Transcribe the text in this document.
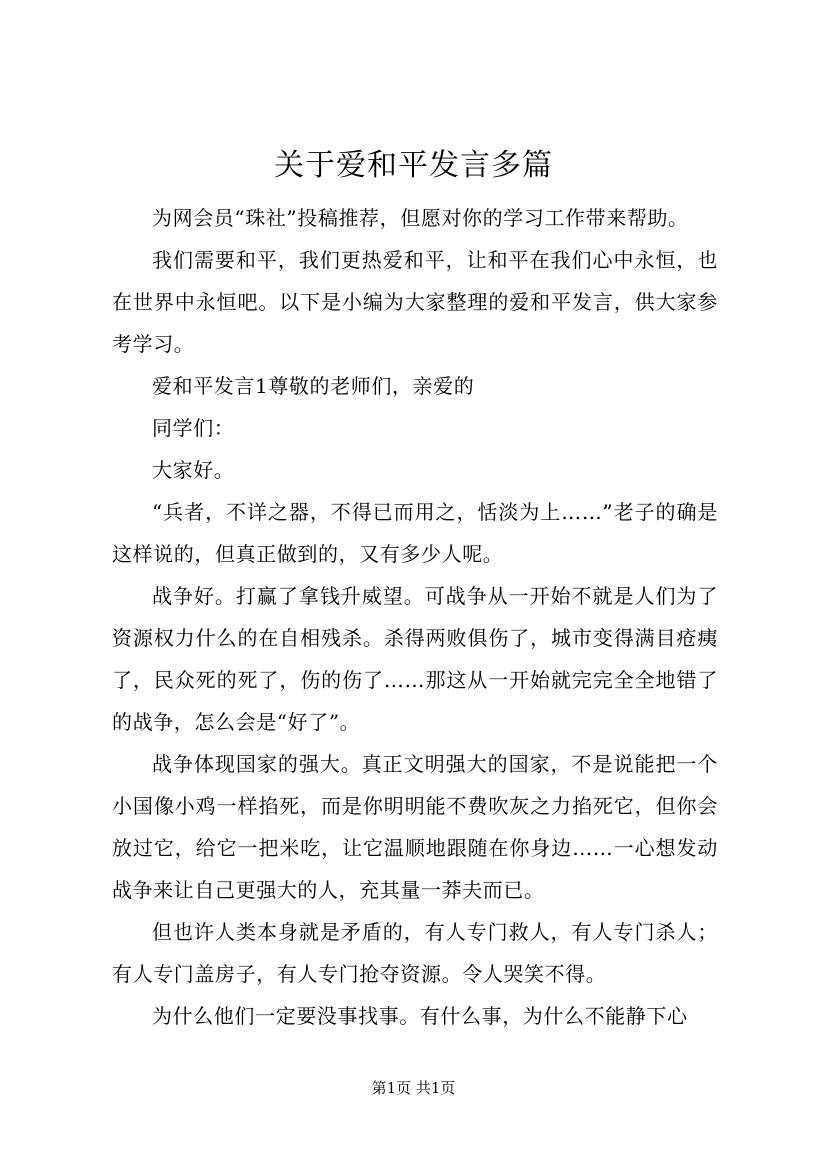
关于爱和平发言多篇

为网会员“珠社”投稿推荐，但愿对你的学习工作带来帮助。

我们需要和平，我们更热爱和平，让和平在我们心中永恒，也在世界中永恒吧。以下是小编为大家整理的爱和平发言，供大家参考学习。

爱和平发言1尊敬的老师们，亲爱的

同学们：

大家好。

“兵者，不详之器，不得已而用之，恬淡为上……”老子的确是这样说的，但真正做到的，又有多少人呢。

战争好。打赢了拿钱升威望。可战争从一开始不就是人们为了资源权力什么的在自相残杀。杀得两败俱伤了，城市变得满目疮痍了，民众死的死了，伤的伤了……那这从一开始就完完全全地错了的战争，怎么会是“好了”。

战争体现国家的强大。真正文明强大的国家，不是说能把一个小国像小鸡一样掐死，而是你明明能不费吹灰之力掐死它，但你会放过它，给它一把米吃，让它温顺地跟随在你身边……一心想发动战争来让自己更强大的人，充其量一莽夫而已。

但也许人类本身就是矛盾的，有人专门救人，有人专门杀人；有人专门盖房子，有人专门抢夺资源。令人哭笑不得。

为什么他们一定要没事找事。有什么事，为什么不能静下心

第1页 共1页
